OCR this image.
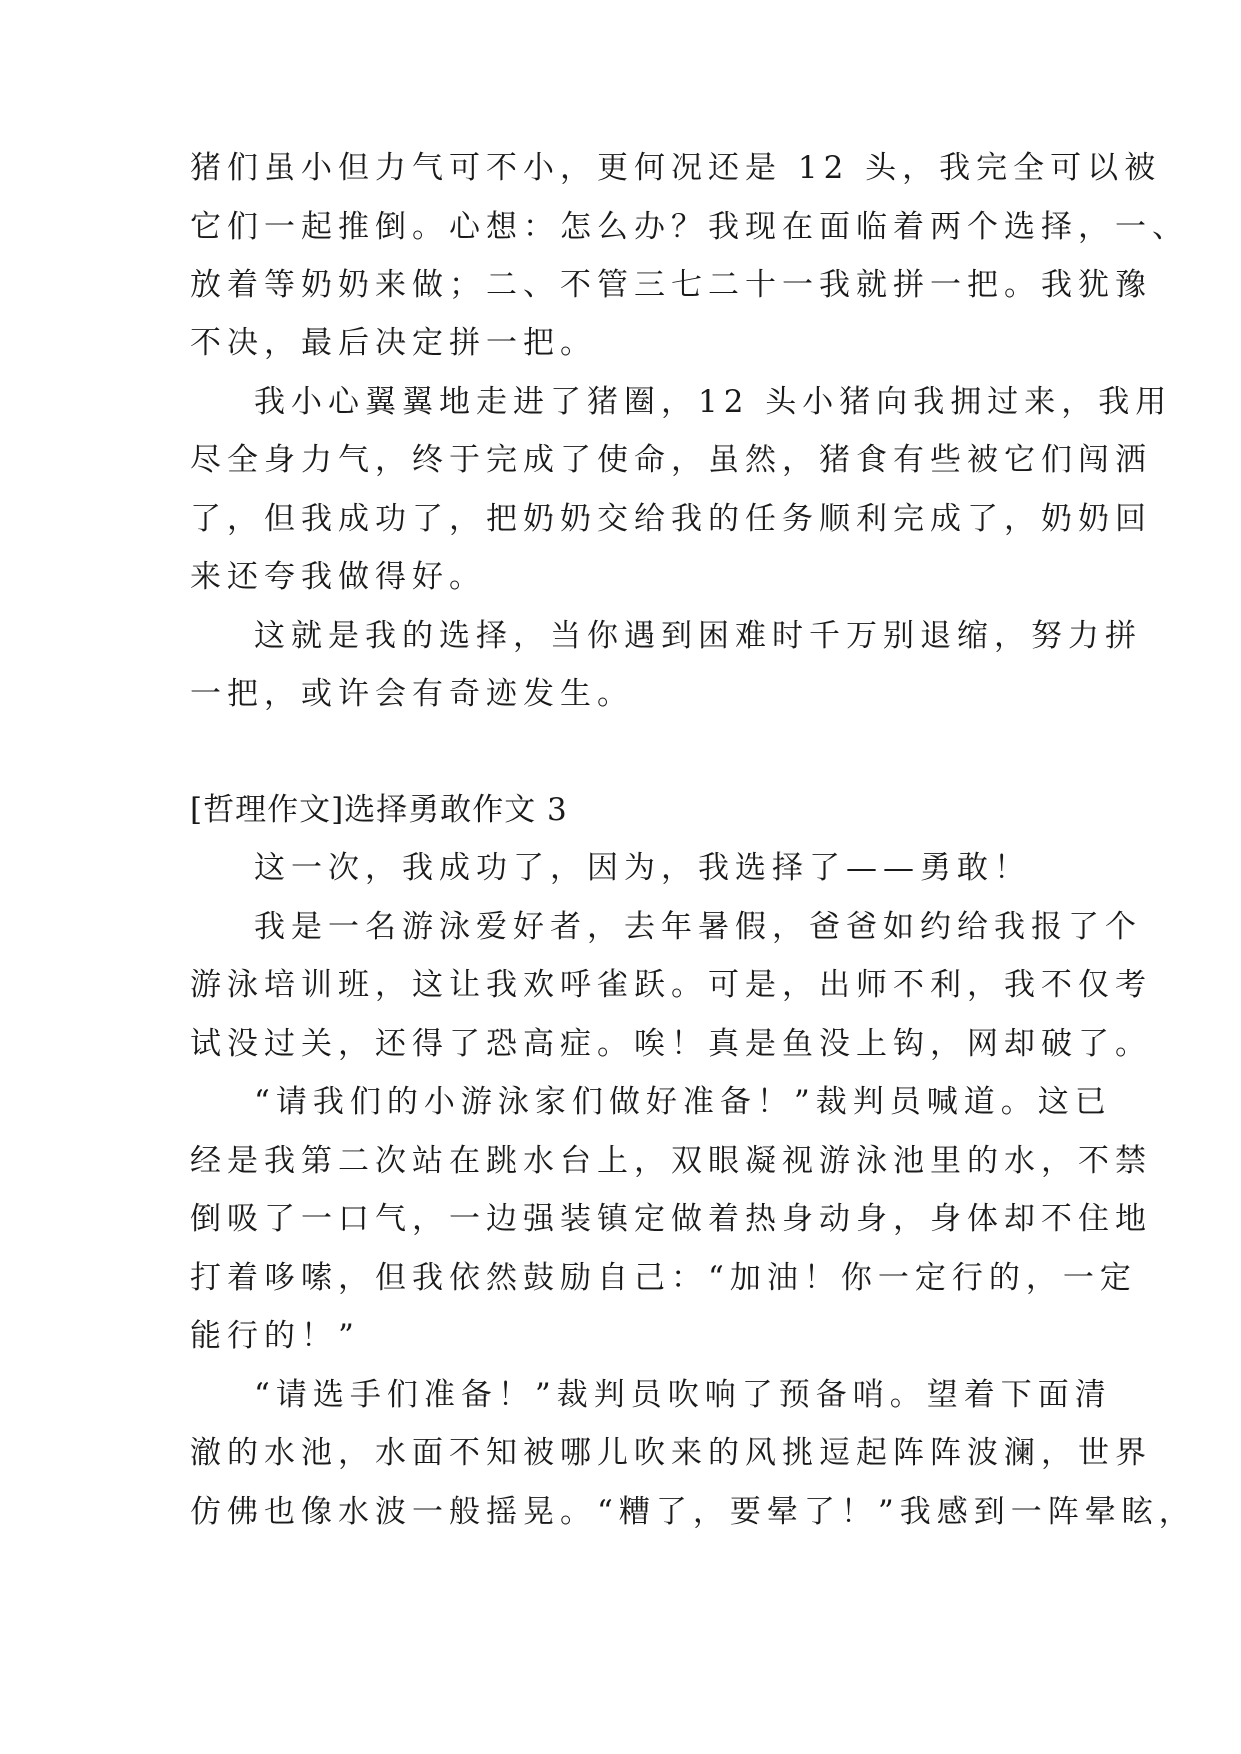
猪们虽小但力气可不小，更何况还是 12 头，我完全可以被
它们一起推倒。心想：怎么办？我现在面临着两个选择，一、
放着等奶奶来做；二、不管三七二十一我就拼一把。我犹豫
不决，最后决定拼一把。
我小心翼翼地走进了猪圈，12 头小猪向我拥过来，我用
尽全身力气，终于完成了使命，虽然，猪食有些被它们闯洒
了，但我成功了，把奶奶交给我的任务顺利完成了，奶奶回
来还夸我做得好。
这就是我的选择，当你遇到困难时千万别退缩，努力拼
一把，或许会有奇迹发生。
[哲理作文]选择勇敢作文 3
这一次，我成功了，因为，我选择了——勇敢！
我是一名游泳爱好者，去年暑假，爸爸如约给我报了个
游泳培训班，这让我欢呼雀跃。可是，出师不利，我不仅考
试没过关，还得了恐高症。唉！真是鱼没上钩，网却破了。
“请我们的小游泳家们做好准备！”裁判员喊道。这已
经是我第二次站在跳水台上，双眼凝视游泳池里的水，不禁
倒吸了一口气，一边强装镇定做着热身动身，身体却不住地
打着哆嗦，但我依然鼓励自己：“加油！你一定行的，一定
能行的！”
“请选手们准备！”裁判员吹响了预备哨。望着下面清
澈的水池，水面不知被哪儿吹来的风挑逗起阵阵波澜，世界
仿佛也像水波一般摇晃。“糟了，要晕了！”我感到一阵晕眩，
